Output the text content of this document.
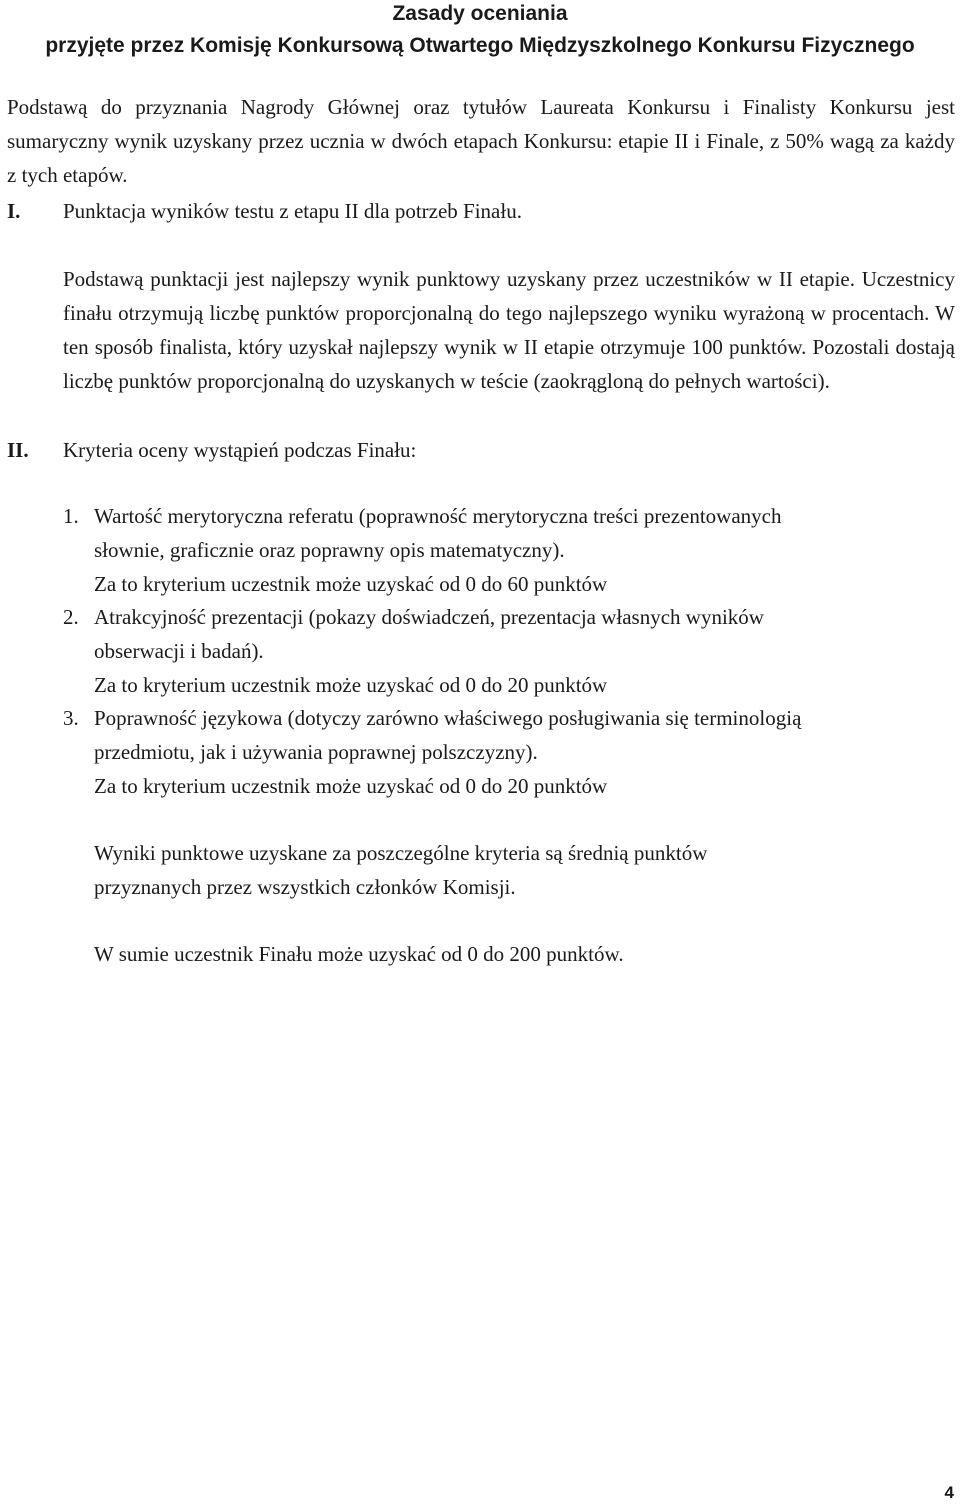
Zasady oceniania
przyjęte przez Komisję Konkursową Otwartego Międzyszkolnego Konkursu Fizycznego
Podstawą do przyznania Nagrody Głównej oraz tytułów Laureata Konkursu i Finalisty Konkursu jest sumaryczny wynik uzyskany przez ucznia w dwóch etapach Konkursu: etapie II i Finale, z 50% wagą za każdy z tych etapów.
I. Punktacja wyników testu z etapu II dla potrzeb Finału.
Podstawą punktacji jest najlepszy wynik punktowy uzyskany przez uczestników w II etapie. Uczestnicy finału otrzymują liczbę punktów proporcjonalną do tego najlepszego wyniku wyrażoną w procentach. W ten sposób finalista, który uzyskał najlepszy wynik w II etapie otrzymuje 100 punktów. Pozostali dostają liczbę punktów proporcjonalną do uzyskanych w teście (zaokrągloną do pełnych wartości).
II. Kryteria oceny wystąpień podczas Finału:
1. Wartość merytoryczna referatu (poprawność merytoryczna treści prezentowanych
słownie, graficznie oraz poprawny opis matematyczny).
Za to kryterium uczestnik może uzyskać od 0 do 60 punktów
2. Atrakcyjność prezentacji (pokazy doświadczeń, prezentacja własnych wyników
obserwacji i badań).
Za to kryterium uczestnik może uzyskać od 0 do 20 punktów
3. Poprawność językowa (dotyczy zarówno właściwego posługiwania się terminologią
przedmiotu, jak i używania poprawnej polszczyzny).
Za to kryterium uczestnik może uzyskać od 0 do 20 punktów
Wyniki punktowe uzyskane za poszczególne kryteria są średnią punktów
przyznanych przez wszystkich członków Komisji.
W sumie uczestnik Finału może uzyskać od 0 do 200 punktów.
4
